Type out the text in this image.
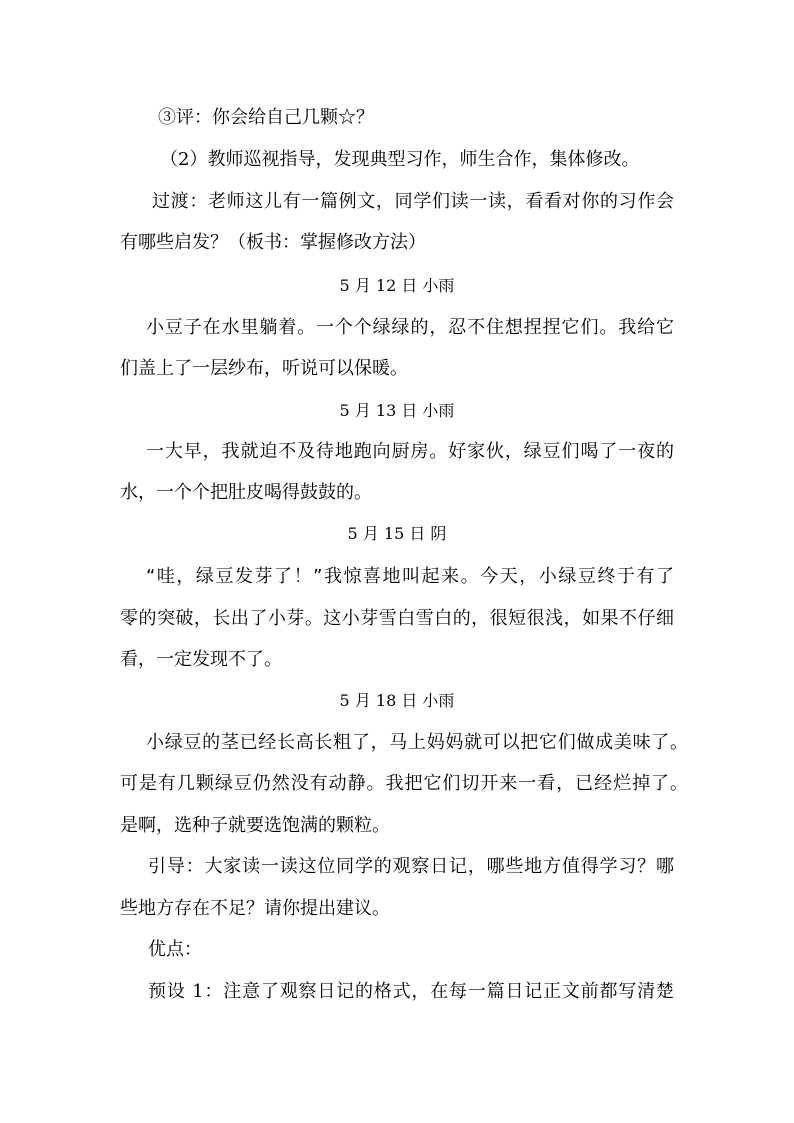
③评：你会给自己几颗☆？
（2）教师巡视指导，发现典型习作，师生合作，集体修改。
过渡：老师这儿有一篇例文，同学们读一读，看看对你的习作会
有哪些启发？（板书：掌握修改方法）
5 月 12 日 小雨
小豆子在水里躺着。一个个绿绿的，忍不住想捏捏它们。我给它
们盖上了一层纱布，听说可以保暖。
5 月 13 日 小雨
一大早，我就迫不及待地跑向厨房。好家伙，绿豆们喝了一夜的
水，一个个把肚皮喝得鼓鼓的。
5 月 15 日 阴
“哇，绿豆发芽了！”我惊喜地叫起来。今天，小绿豆终于有了
零的突破，长出了小芽。这小芽雪白雪白的，很短很浅，如果不仔细
看，一定发现不了。
5 月 18 日 小雨
小绿豆的茎已经长高长粗了，马上妈妈就可以把它们做成美味了。
可是有几颗绿豆仍然没有动静。我把它们切开来一看，已经烂掉了。
是啊，选种子就要选饱满的颗粒。
引导：大家读一读这位同学的观察日记，哪些地方值得学习？哪
些地方存在不足？请你提出建议。
优点：
预设 1：注意了观察日记的格式，在每一篇日记正文前都写清楚
